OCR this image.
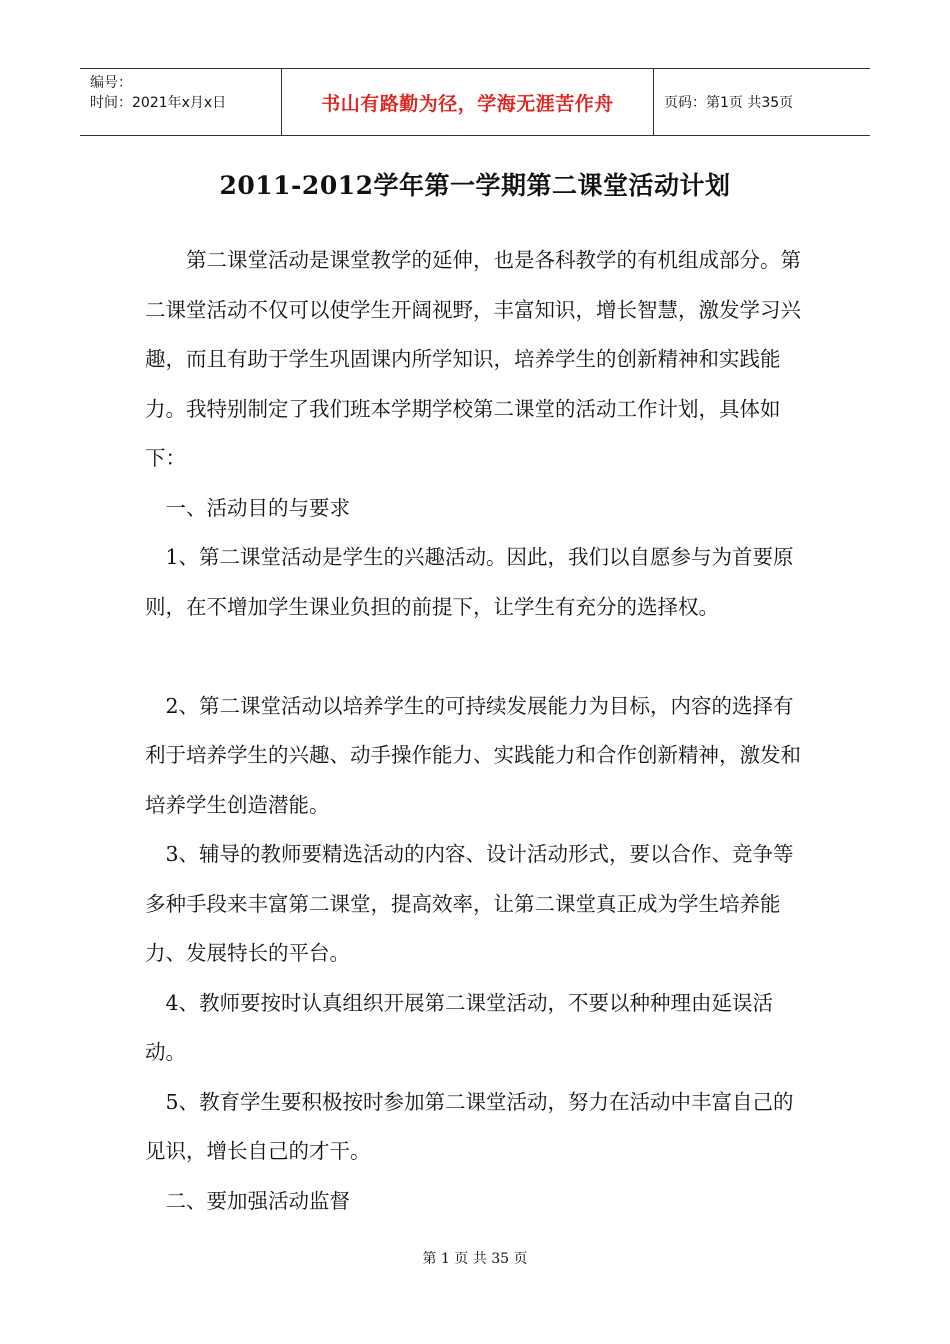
编号：
时间：2021年x月x日	书山有路勤为径，学海无涯苦作舟	页码：第1页 共35页
2011-2012学年第一学期第二课堂活动计划

第二课堂活动是课堂教学的延伸，也是各科教学的有机组成部分。第二课堂活动不仅可以使学生开阔视野，丰富知识，增长智慧，激发学习兴趣，而且有助于学生巩固课内所学知识，培养学生的创新精神和实践能力。我特别制定了我们班本学期学校第二课堂的活动工作计划，具体如下：

一、活动目的与要求

1、第二课堂活动是学生的兴趣活动。因此，我们以自愿参与为首要原则，在不增加学生课业负担的前提下，让学生有充分的选择权。

2、第二课堂活动以培养学生的可持续发展能力为目标，内容的选择有利于培养学生的兴趣、动手操作能力、实践能力和合作创新精神，激发和培养学生创造潜能。

3、辅导的教师要精选活动的内容、设计活动形式，要以合作、竞争等多种手段来丰富第二课堂，提高效率，让第二课堂真正成为学生培养能力、发展特长的平台。

4、教师要按时认真组织开展第二课堂活动，不要以种种理由延误活动。

5、教育学生要积极按时参加第二课堂活动，努力在活动中丰富自己的见识，增长自己的才干。

二、要加强活动监督

第 1 页 共 35 页
